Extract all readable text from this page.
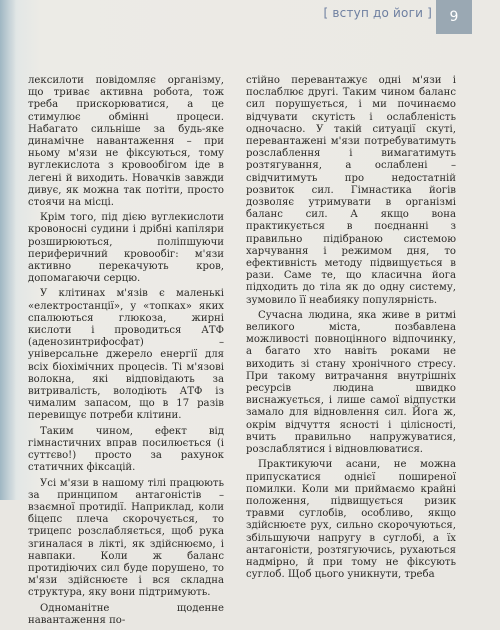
[ вступ до йоги ]	9

лексилоти повідомляє організму, що триває активна робота, тож треба прискорюватися, а це стимулює обмінні процеси. Набагато сильніше за будь-яке динамічне навантаження – при ньому м'язи не фіксуються, тому вуглекислота з кровообігом іде в легені й виходить. Новачків завжди дивує, як можна так потіти, просто стоячи на місці.

Крім того, під дією вуглекислоти кровоносні судини і дрібні капіляри розширюються, поліпшуючи периферичний кровообіг: м'язи активно перекачують кров, допомагаючи серцю.

У клітинах м'язів є маленькі «електростанції», у «топках» яких спалюються глюкоза, жирні кислоти і проводиться АТФ (аденозинтрифосфат) – універсальне джерело енергії для всіх біохімічних процесів. Ті м'язові волокна, які відповідають за витривалість, володіють АТФ із чималим запасом, що в 17 разів перевищує потреби клітини.

Таким чином, ефект від гімнастичних вправ посилюється (і суттєво!) просто за рахунок статичних фіксацій.

Усі м'язи в нашому тілі працюють за принципом антагоністів – взаємної протидії. Наприклад, коли біцепс плеча скорочується, то трицепс розслабляється, щоб рука згиналася в лікті, як здійснюємо, і навпаки. Коли ж баланс протидіючих сил буде порушено, то м'язи здійснюєте і вся складна структура, яку вони підтримують.

Одноманітне щоденне навантаження по-

стійно перевантажує одні м'язи і послаблює другі. Таким чином баланс сил порушується, і ми починаємо відчувати скутість і ослабленість одночасно. У такій ситуації скуті, перевантажені м'язи потребуватимуть розслаблення і вимагатимуть розтягування, а ослаблені – свідчитимуть про недостатній розвиток сил. Гімнастика йогів дозволяє утримувати в організмі баланс сил. А якщо вона практикується в поєднанні з правильно підібраною системою харчування і режимом дня, то ефективність методу підвищується в рази. Саме те, що класична йога підходить до тіла як до одну систему, зумовило її неабияку популярність.

Сучасна людина, яка живе в ритмі великого міста, позбавлена можливості повноцінного відпочинку, а багато хто навіть роками не виходить зі стану хронічного стресу. При такому витрачання внутрішніх ресурсів людина швидко виснажується, і лише самої відпустки замало для відновлення сил. Йога ж, окрім відчуття ясності і цілісності, вчить правильно напружуватися, розслаблятися і відновлюватися.

Практикуючи асани, не можна припускатися однієї поширеної помилки. Коли ми приймаємо крайні положення, підвищується ризик травми суглобів, особливо, якщо здійснюєте рух, сильно скорочуються, збільшуючи напругу в суглобі, а їх антагоністи, розтягуючись, рухаються надмірно, й при тому не фіксують суглоб. Щоб цього уникнути, треба
